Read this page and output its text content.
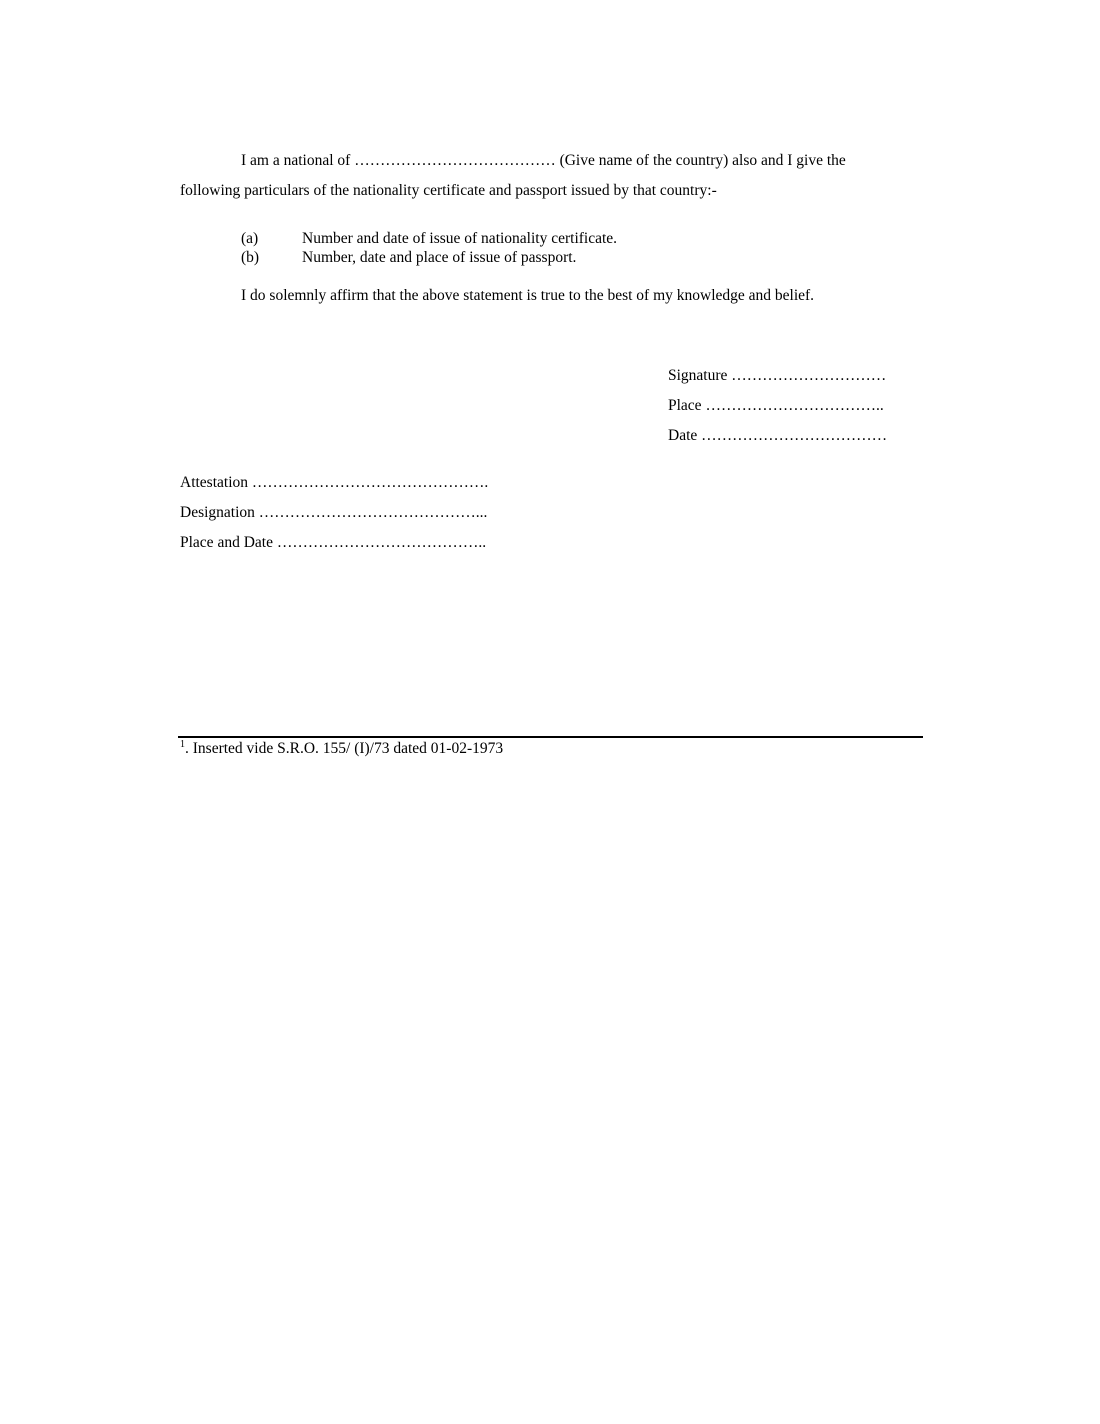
I am a national of ………………………………… (Give name of the country) also and I give the
following particulars of the nationality certificate and passport issued by that country:-
(a)	Number and date of issue of nationality certificate.
(b)	Number, date and place of issue of passport.
I do solemnly affirm that the above statement is true to the best of my knowledge and belief.
Signature …………………………
Place ……………………………..
Date ………………………………
Attestation ……………………………………….
Designation ……………………………………...
Place and Date …………………………………..
$^1$. Inserted vide S.R.O. 155/ (I)/73 dated 01-02-1973
